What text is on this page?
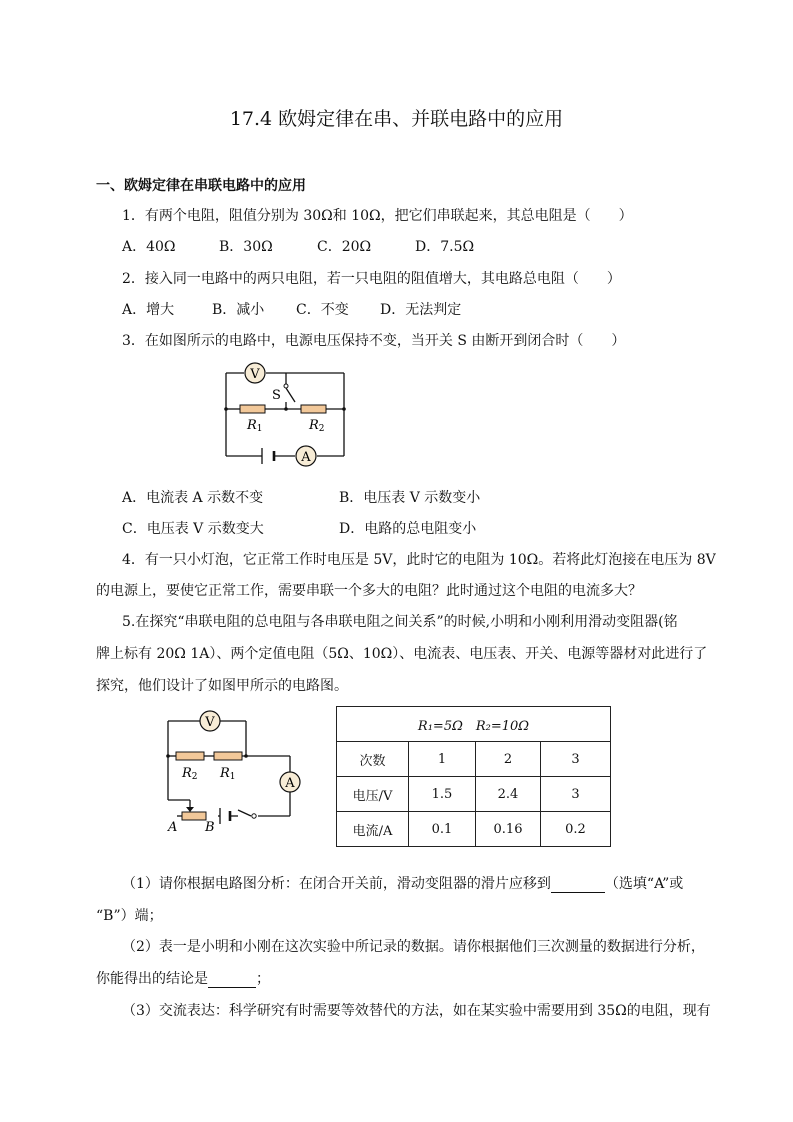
17.4 欧姆定律在串、并联电路中的应用
一、欧姆定律在串联电路中的应用
1．有两个电阻，阻值分别为 30Ω和 10Ω，把它们串联起来，其总电阻是（　　）
A．40Ω	B．30Ω	C．20Ω	D．7.5Ω
2．接入同一电路中的两只电阻，若一只电阻的阻值增大，其电路总电阻（　　）
A．增大	B．减小 C．不变 D．无法判定
3．在如图所示的电路中，电源电压保持不变，当开关 S 由断开到闭合时（　　）
V
A
S
R1	R2
A．电流表 A 示数不变	B．电压表 V 示数变小
C．电压表 V 示数变大	D．电路的总电阻变小
4．有一只小灯泡，它正常工作时电压是 5V，此时它的电阻为 10Ω。若将此灯泡接在电压为 8V
的电源上，要使它正常工作，需要串联一个多大的电阻？此时通过这个电阻的电流多大？
5.在探究“串联电阻的总电阻与各串联电阻之间关系”的时候,小明和小刚利用滑动变阻器(铭
牌上标有 20Ω 1A）、两个定值电阻（5Ω、10Ω）、电流表、电压表、开关、电源等器材对此进行了
探究，他们设计了如图甲所示的电路图。
V
A
R2 R1
A B
R₁=5Ω　R₂=10Ω			
次数	1	2	3
电压/V	1.5	2.4	3
电流/A	0.1	0.16	0.2
（1）请你根据电路图分析：在闭合开关前，滑动变阻器的滑片应移到	（选填“A”或
“B”）端；
（2）表一是小明和小刚在这次实验中所记录的数据。请你根据他们三次测量的数据进行分析，
你能得出的结论是	；
（3）交流表达：科学研究有时需要等效替代的方法，如在某实验中需要用到 35Ω的电阻，现有
